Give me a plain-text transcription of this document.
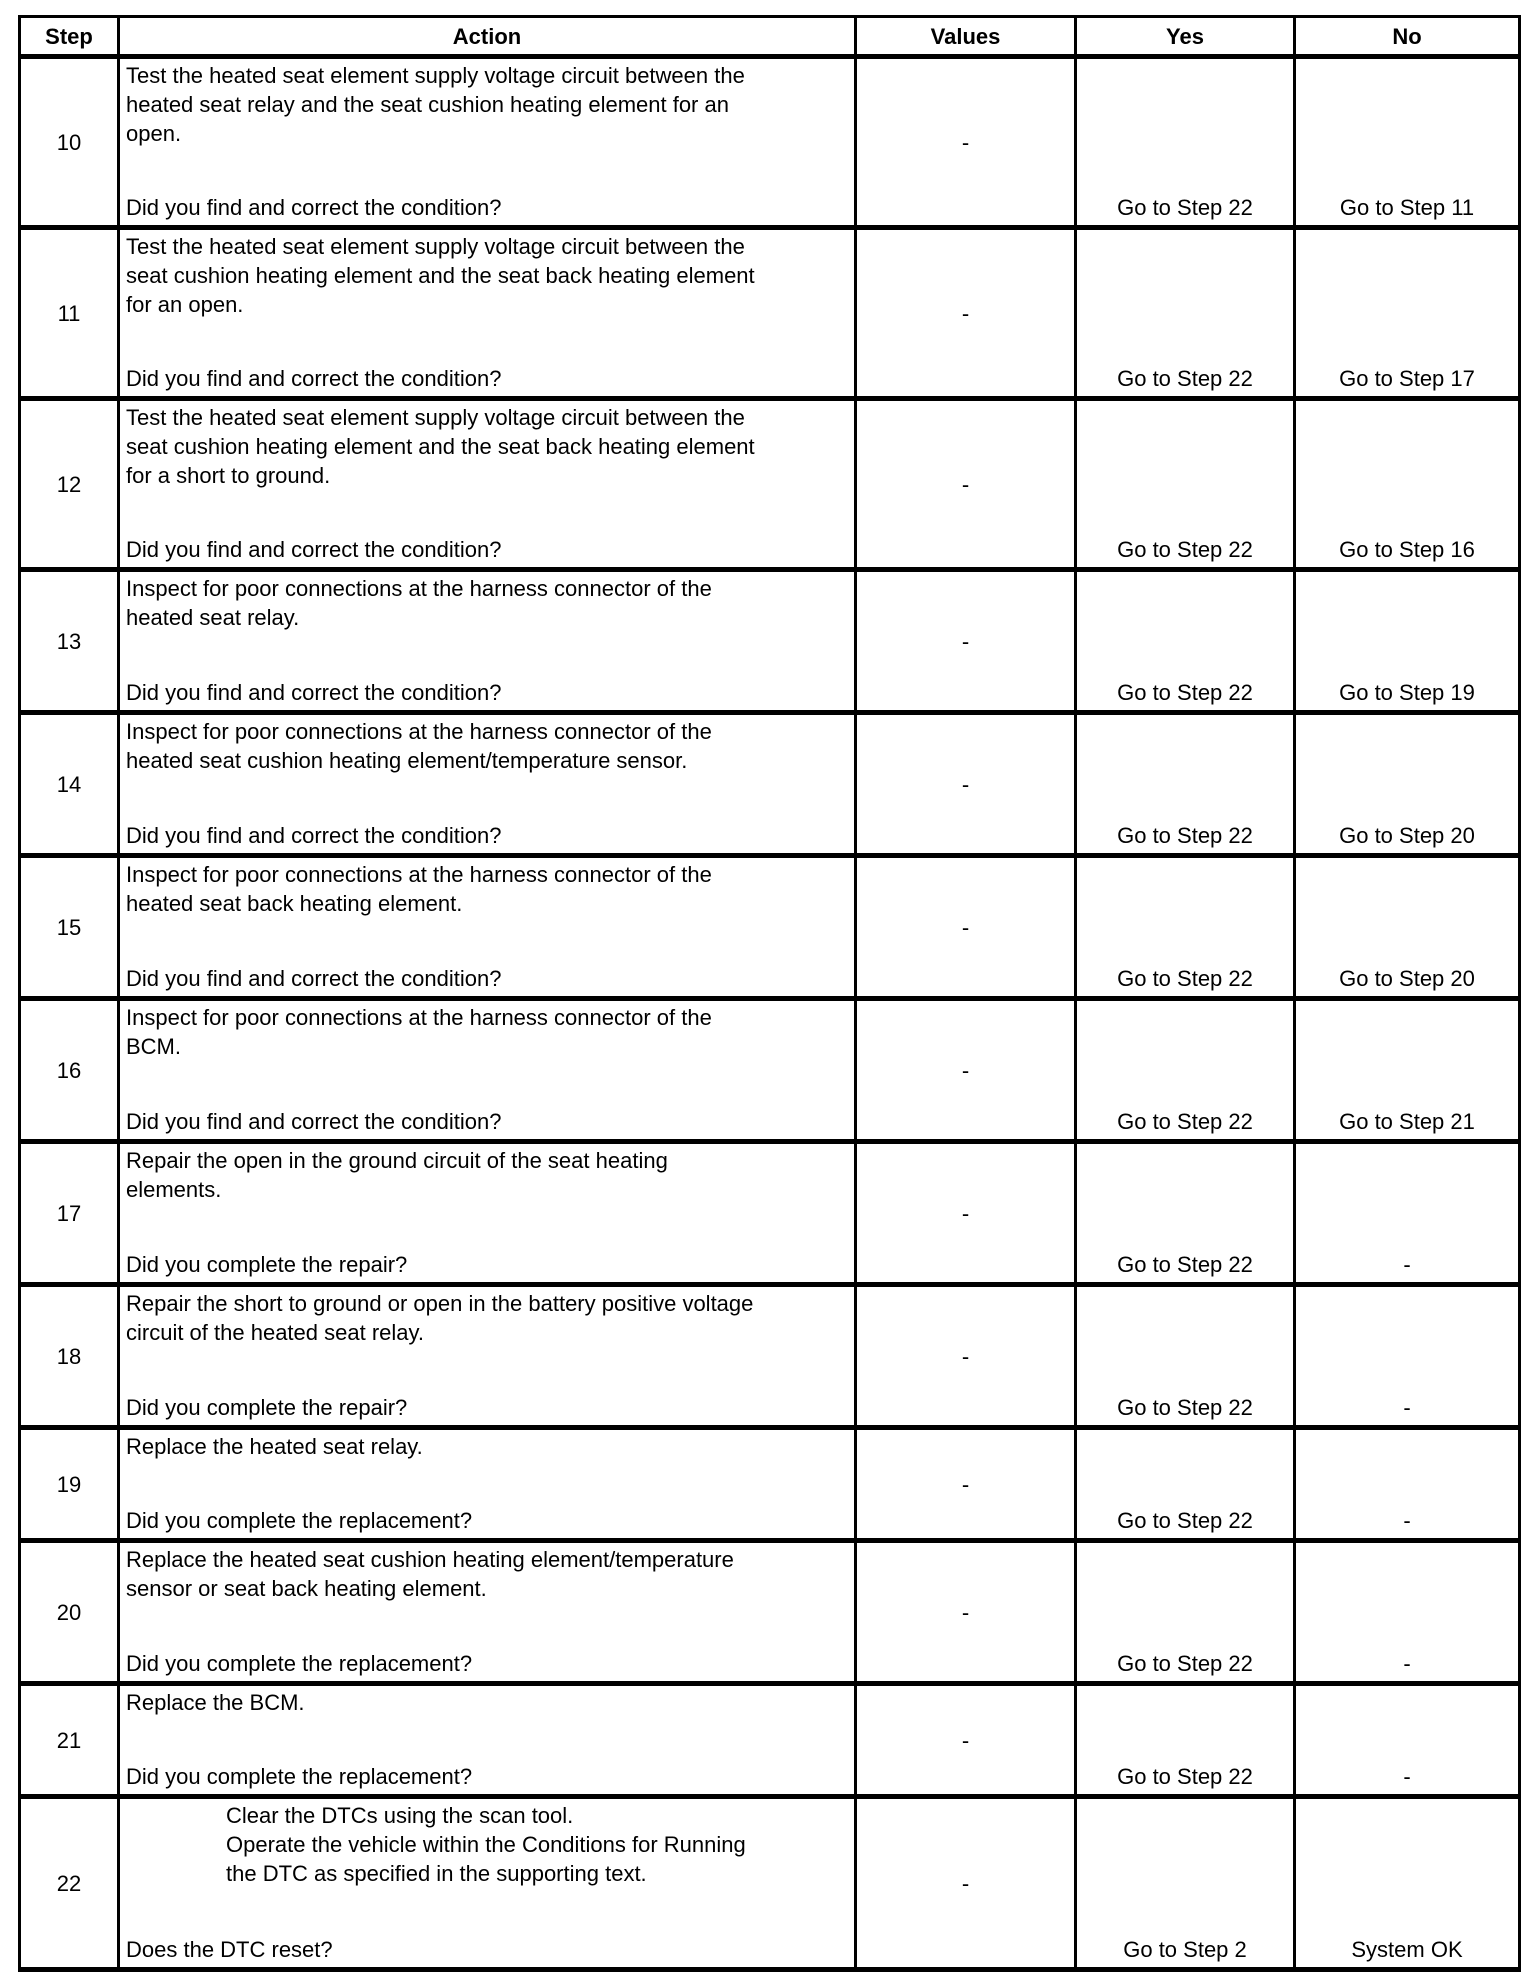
Step	Action	Values	Yes	No
10	Test the heated seat element supply voltage circuit between the
heated seat relay and the seat cushion heating element for an
open.
Did you find and correct the condition?	-	Go to Step 22	Go to Step 11
11	Test the heated seat element supply voltage circuit between the
seat cushion heating element and the seat back heating element
for an open.
Did you find and correct the condition?	-	Go to Step 22	Go to Step 17
12	Test the heated seat element supply voltage circuit between the
seat cushion heating element and the seat back heating element
for a short to ground.
Did you find and correct the condition?	-	Go to Step 22	Go to Step 16
13	Inspect for poor connections at the harness connector of the
heated seat relay.
Did you find and correct the condition?	-	Go to Step 22	Go to Step 19
14	Inspect for poor connections at the harness connector of the
heated seat cushion heating element/temperature sensor.
Did you find and correct the condition?	-	Go to Step 22	Go to Step 20
15	Inspect for poor connections at the harness connector of the
heated seat back heating element.
Did you find and correct the condition?	-	Go to Step 22	Go to Step 20
16	Inspect for poor connections at the harness connector of the
BCM.
Did you find and correct the condition?	-	Go to Step 22	Go to Step 21
17	Repair the open in the ground circuit of the seat heating
elements.
Did you complete the repair?	-	Go to Step 22	-
18	Repair the short to ground or open in the battery positive voltage
circuit of the heated seat relay.
Did you complete the repair?	-	Go to Step 22	-
19	Replace the heated seat relay.
Did you complete the replacement?	-	Go to Step 22	-
20	Replace the heated seat cushion heating element/temperature
sensor or seat back heating element.
Did you complete the replacement?	-	Go to Step 22	-
21	Replace the BCM.
Did you complete the replacement?	-	Go to Step 22	-
22	Clear the DTCs using the scan tool.
Operate the vehicle within the Conditions for Running
the DTC as specified in the supporting text.
Does the DTC reset?	-	Go to Step 2	System OK
